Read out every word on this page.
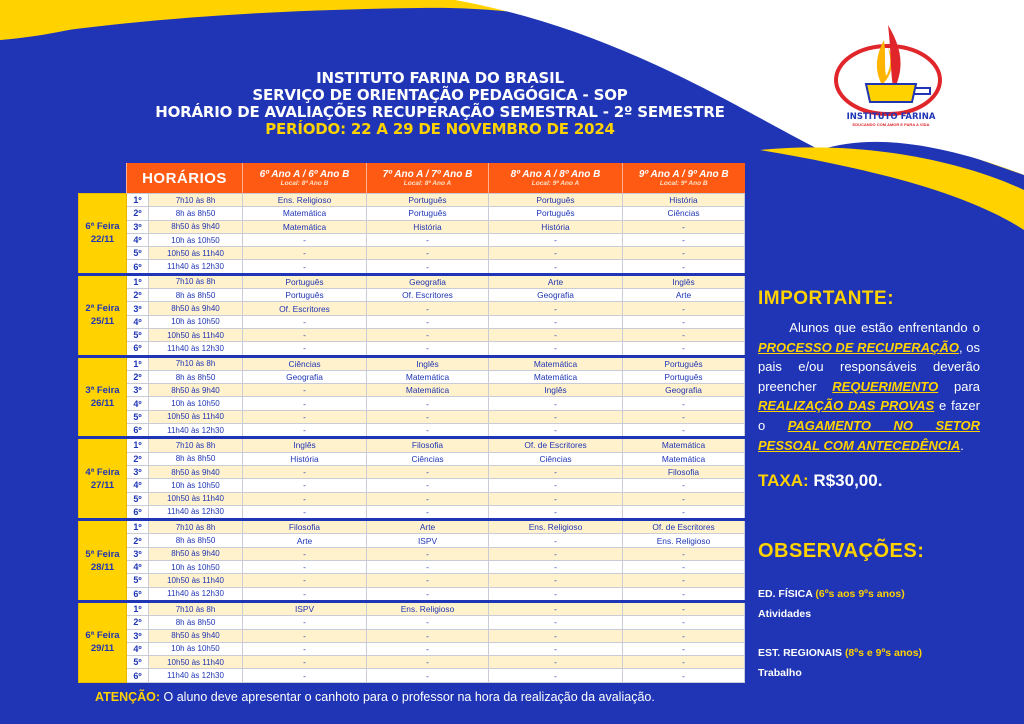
INSTITUTO FARINA
EDUCANDO COM AMOR E PARA A VIDA
INSTITUTO FARINA DO BRASIL
SERVIÇO DE ORIENTAÇÃO PEDAGÓGICA - SOP
HORÁRIO DE AVALIAÇÕES RECUPERAÇÃO SEMESTRAL - 2º SEMESTRE
PERÍODO: 22 A 29 DE NOVEMBRO DE 2024
	HORÁRIOS		6º Ano A / 6º Ano B
Local: 8º Ano B	7º Ano A / 7º Ano B
Local: 8º Ano A	8º Ano A / 8º Ano B
Local: 9º Ano A	9º Ano A / 9º Ano B
Local: 9º Ano B

6ª Feira
22/11	1º	7h10 às 8h	Ens. Religioso	Português	Português	História
	2º	8h às 8h50	Matemática	Português	Português	Ciências
	3º	8h50 às 9h40	Matemática	História	História	-
	4º	10h às 10h50	-	-	-	-
	5º	10h50 às 11h40	-	-	-	-
	6º	11h40 às 12h30	-	-	-	-
2ª Feira
25/11	1º	7h10 às 8h	Português	Geografia	Arte	Inglês
	2º	8h às 8h50	Português	Of. Escritores	Geografia	Arte
	3º	8h50 às 9h40	Of. Escritores	-	-	-
	4º	10h às 10h50	-	-	-	-
	5º	10h50 às 11h40	-	-	-	-
	6º	11h40 às 12h30	-	-	-	-
3ª Feira
26/11	1º	7h10 às 8h	Ciências	Inglês	Matemática	Português
	2º	8h às 8h50	Geografia	Matemática	Matemática	Português
	3º	8h50 às 9h40	-	Matemática	Inglês	Geografia
	4º	10h às 10h50	-	-	-	-
	5º	10h50 às 11h40	-	-	-	-
	6º	11h40 às 12h30	-	-	-	-
4ª Feira
27/11	1º	7h10 às 8h	Inglês	Filosofia	Of. de Escritores	Matemática
	2º	8h às 8h50	História	Ciências	Ciências	Matemática
	3º	8h50 às 9h40	-	-	-	Filosofia
	4º	10h às 10h50	-	-	-	-
	5º	10h50 às 11h40	-	-	-	-
	6º	11h40 às 12h30	-	-	-	-
5ª Feira
28/11	1º	7h10 às 8h	Filosofia	Arte	Ens. Religioso	Of. de Escritores
	2º	8h às 8h50	Arte	ISPV	-	Ens. Religioso
	3º	8h50 às 9h40	-	-	-	-
	4º	10h às 10h50	-	-	-	-
	5º	10h50 às 11h40	-	-	-	-
	6º	11h40 às 12h30	-	-	-	-
6ª Feira
29/11	1º	7h10 às 8h	ISPV	Ens. Religioso	-	-
	2º	8h às 8h50	-	-	-	-
	3º	8h50 às 9h40	-	-	-	-
	4º	10h às 10h50	-	-	-	-
	5º	10h50 às 11h40	-	-	-	-
	6º	11h40 às 12h30	-	-	-	-
IMPORTANTE:
Alunos que estão enfrentando o PROCESSO DE RECUPERAÇÃO, os pais e/ou responsáveis deverão preencher REQUERIMENTO para REALIZAÇÃO DAS PROVAS e fazer o PAGAMENTO NO SETOR PESSOAL COM ANTECEDÊNCIA.
TAXA: R$30,00.
OBSERVAÇÕES:
ED. FÍSICA (6ºs aos 9ºs anos)
Atividades
EST. REGIONAIS (8ºs e 9ºs anos)
Trabalho
ATENÇÃO: O aluno deve apresentar o canhoto para o professor na hora da realização da avaliação.
